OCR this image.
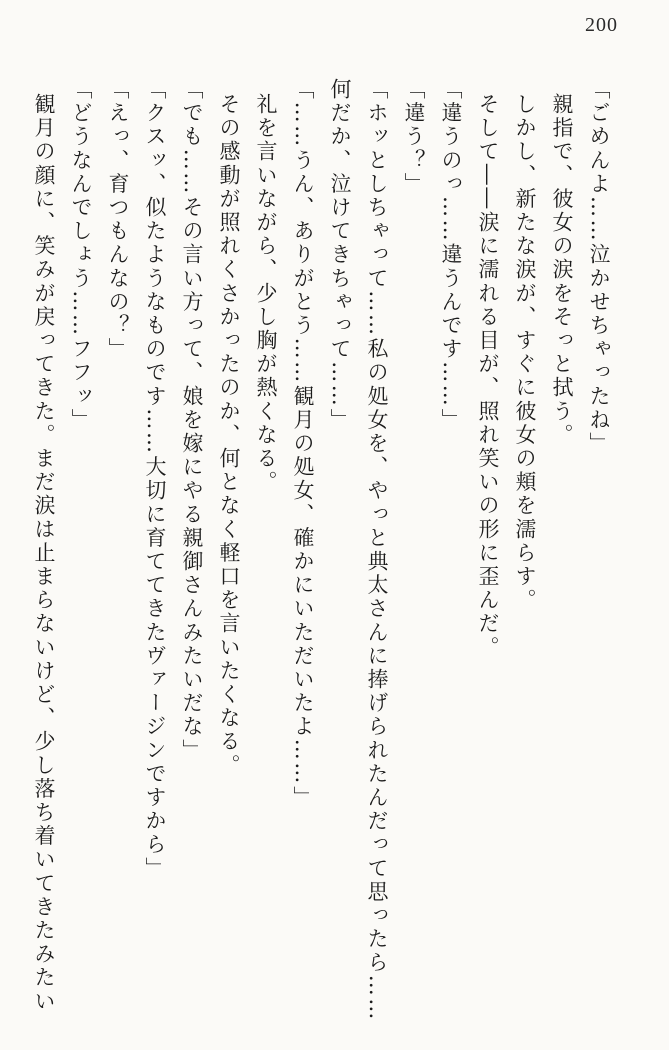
200

「ごめんよ……泣かせちゃったね」

親指で、彼女の涙をそっと拭う。

しかし、新たな涙が、すぐに彼女の頬を濡らす。

そして――涙に濡れる目が、照れ笑いの形に歪んだ。

「違うのっ……違うんです……」

「違う？」

「ホッとしちゃって……私の処女を、やっと典太さんに捧げられたんだって思ったら……何だか、泣けてきちゃって……」

「……うん、ありがとう……観月の処女、確かにいただいたよ……」

礼を言いながら、少し胸が熱くなる。

その感動が照れくさかったのか、何となく軽口を言いたくなる。

「でも……その言い方って、娘を嫁にやる親御さんみたいだな」

「クスッ、似たようなものです……大切に育ててきたヴァージンですから」

「えっ、育つもんなの？」

「どうなんでしょう……フフッ」

観月の顔に、笑みが戻ってきた。まだ涙は止まらないけど、少し落ち着いてきたみたい
